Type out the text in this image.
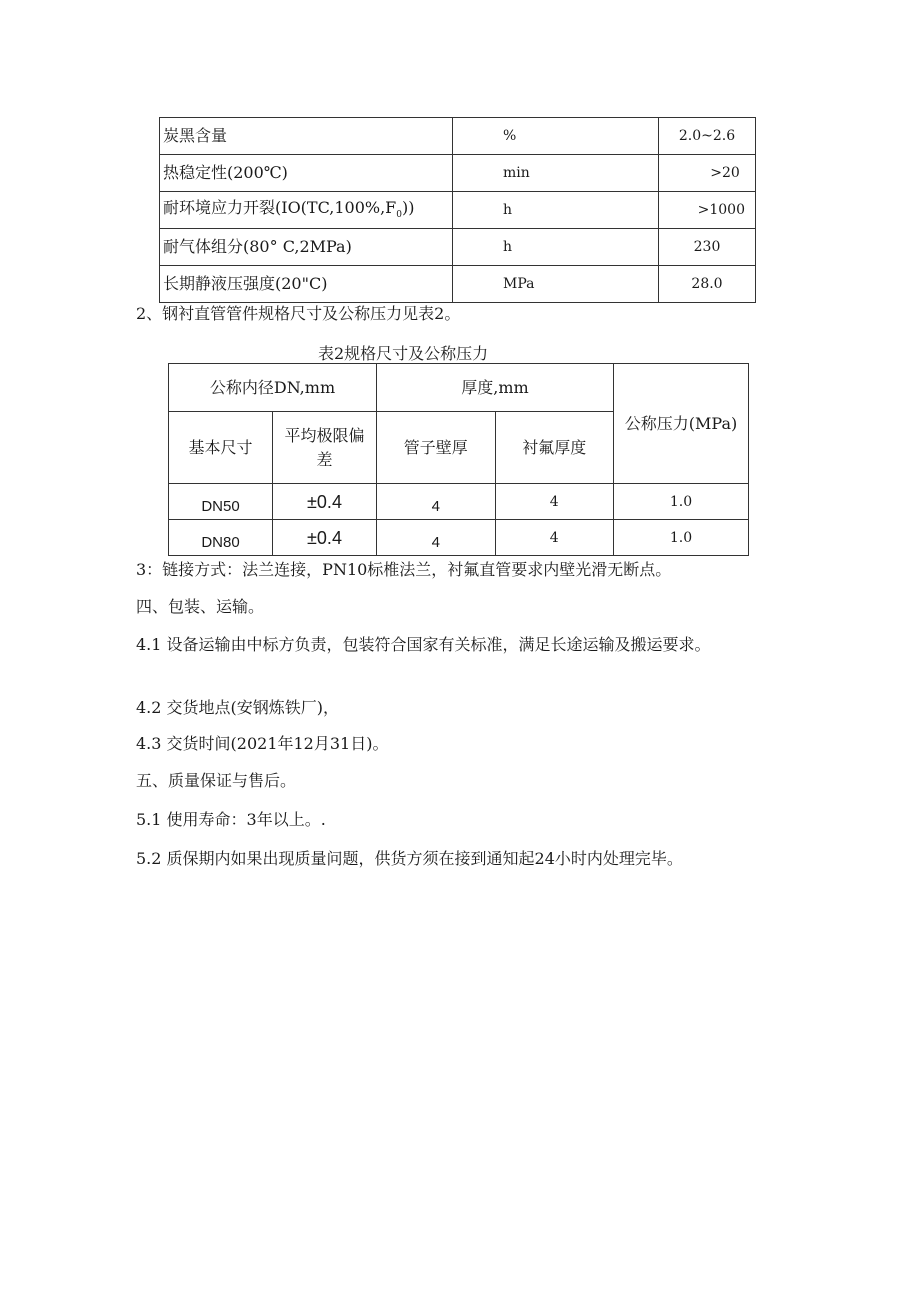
炭黑含量	%	2.0~2.6
热稳定性(200℃)	min	>20
耐环境应力开裂$(IO(TC,100\%,F_0))$	h	>1000
耐气体组分(80° C,2MPa)	h	230
长期静液压强度(20"C)	MPa	28.0
2、钢衬直管管件规格尺寸及公称压力见表2。
表2规格尺寸及公称压力
公称内径DN,mm		厚度,mm		公称压力(MPa)
基本尺寸	平均极限偏差	管子壁厚	衬氟厚度	
DN50	±0.4	4	4	1.0
DN80	±0.4	4	4	1.0
3：链接方式：法兰连接，PN10标椎法兰，衬氟直管要求内壁光滑无断点。
四、包装、运输。
4.1 设备运输由中标方负责，包装符合国家有关标准，满足长途运输及搬运要求。
4.2 交货地点(安钢炼铁厂)，
4.3 交货时间(2021年12月31日)。
五、质量保证与售后。
5.1 使用寿命：3年以上。.
5.2 质保期内如果出现质量问题，供货方须在接到通知起24小时内处理完毕。
